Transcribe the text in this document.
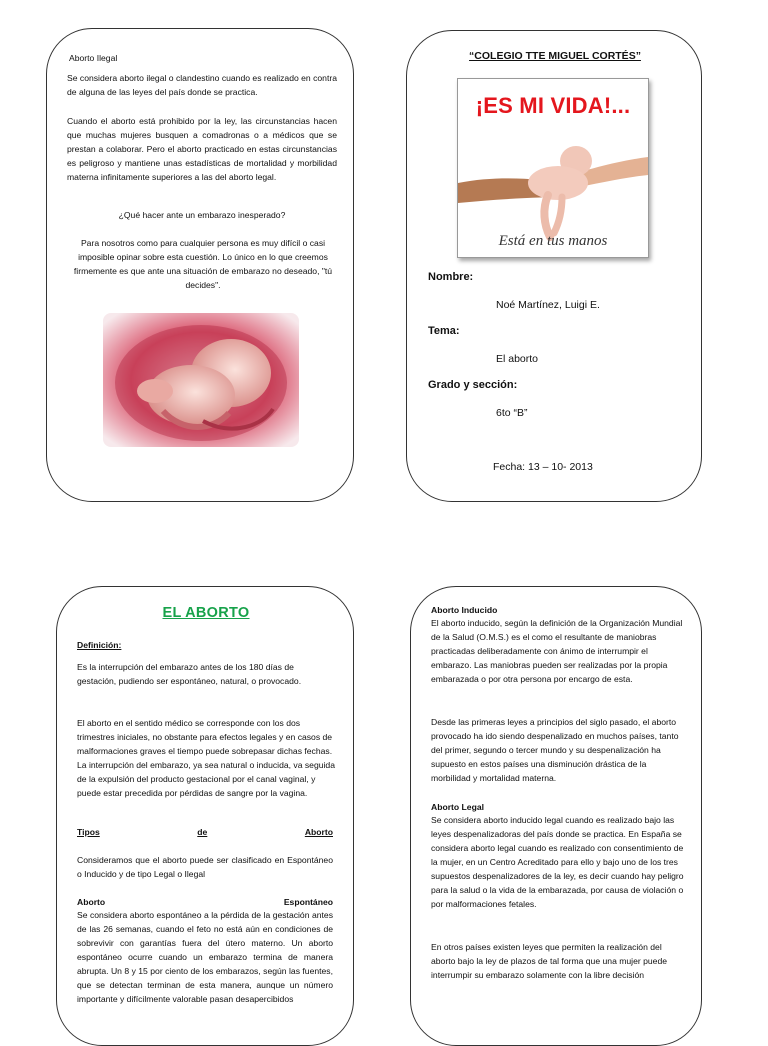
Aborto Ilegal
Se considera aborto ilegal o clandestino cuando es realizado en contra de alguna de las leyes del país donde se practica.
Cuando el aborto está prohibido por la ley, las circunstancias hacen que muchas mujeres busquen a comadronas o a médicos que se prestan a colaborar. Pero el aborto practicado en estas circunstancias es peligroso y mantiene unas estadísticas de mortalidad y morbilidad materna infinitamente superiores a las del aborto legal.
¿Qué hacer ante un embarazo inesperado?
Para nosotros como para cualquier persona es muy difícil o casi imposible opinar sobre esta cuestión. Lo único en lo que creemos firmemente es que ante una situación de embarazo no deseado, "tú decides".
“COLEGIO TTE MIGUEL CORTÉS”
¡ES MI VIDA!...
Está en tus manos
Nombre:
Noé Martínez, Luigi E.
Tema:
El aborto
Grado y sección:
6to “B”
Fecha: 13 – 10- 2013
EL ABORTO
Definición:
Es la interrupción del embarazo antes de los 180 días de gestación, pudiendo ser espontáneo, natural, o provocado.
El aborto en el sentido médico se corresponde con los dos trimestres iniciales, no obstante para efectos legales y en casos de malformaciones graves el tiempo puede sobrepasar dichas fechas. La interrupción del embarazo, ya sea natural o inducida, va seguida de la expulsión del producto gestacional por el canal vaginal, y puede estar precedida por pérdidas de sangre por la vagina.
Tipos	de	Aborto
Consideramos que el aborto puede ser clasificado en Espontáneo o Inducido y de tipo Legal o Ilegal
Aborto	Espontáneo
Se considera aborto espontáneo a la pérdida de la gestación antes de las 26 semanas, cuando el feto no está aún en condiciones de sobrevivir con garantías fuera del útero materno. Un aborto espontáneo ocurre cuando un embarazo termina de manera abrupta. Un 8 y 15 por ciento de los embarazos, según las fuentes, que se detectan terminan de esta manera, aunque un número importante y difícilmente valorable pasan desapercibidos
Aborto Inducido
El aborto inducido, según la definición de la Organización Mundial de la Salud (O.M.S.) es el como el resultante de maniobras practicadas deliberadamente con ánimo de interrumpir el embarazo. Las maniobras pueden ser realizadas por la propia embarazada o por otra persona por encargo de esta.
Desde las primeras leyes a principios del siglo pasado, el aborto provocado ha ido siendo despenalizado en muchos países, tanto del primer, segundo o tercer mundo y su despenalización ha supuesto en estos países una disminución drástica de la morbilidad y mortalidad materna.
Aborto Legal
Se considera aborto inducido legal cuando es realizado bajo las leyes despenalizadoras del país donde se practica. En España se considera aborto legal cuando es realizado con consentimiento de la mujer, en un Centro Acreditado para ello y bajo uno de los tres supuestos despenalizadores de la ley, es decir cuando hay peligro para la salud o la vida de la embarazada, por causa de violación o por malformaciones fetales.
En otros países existen leyes que permiten la realización del aborto bajo la ley de plazos de tal forma que una mujer puede interrumpir su embarazo solamente con la libre decisión
